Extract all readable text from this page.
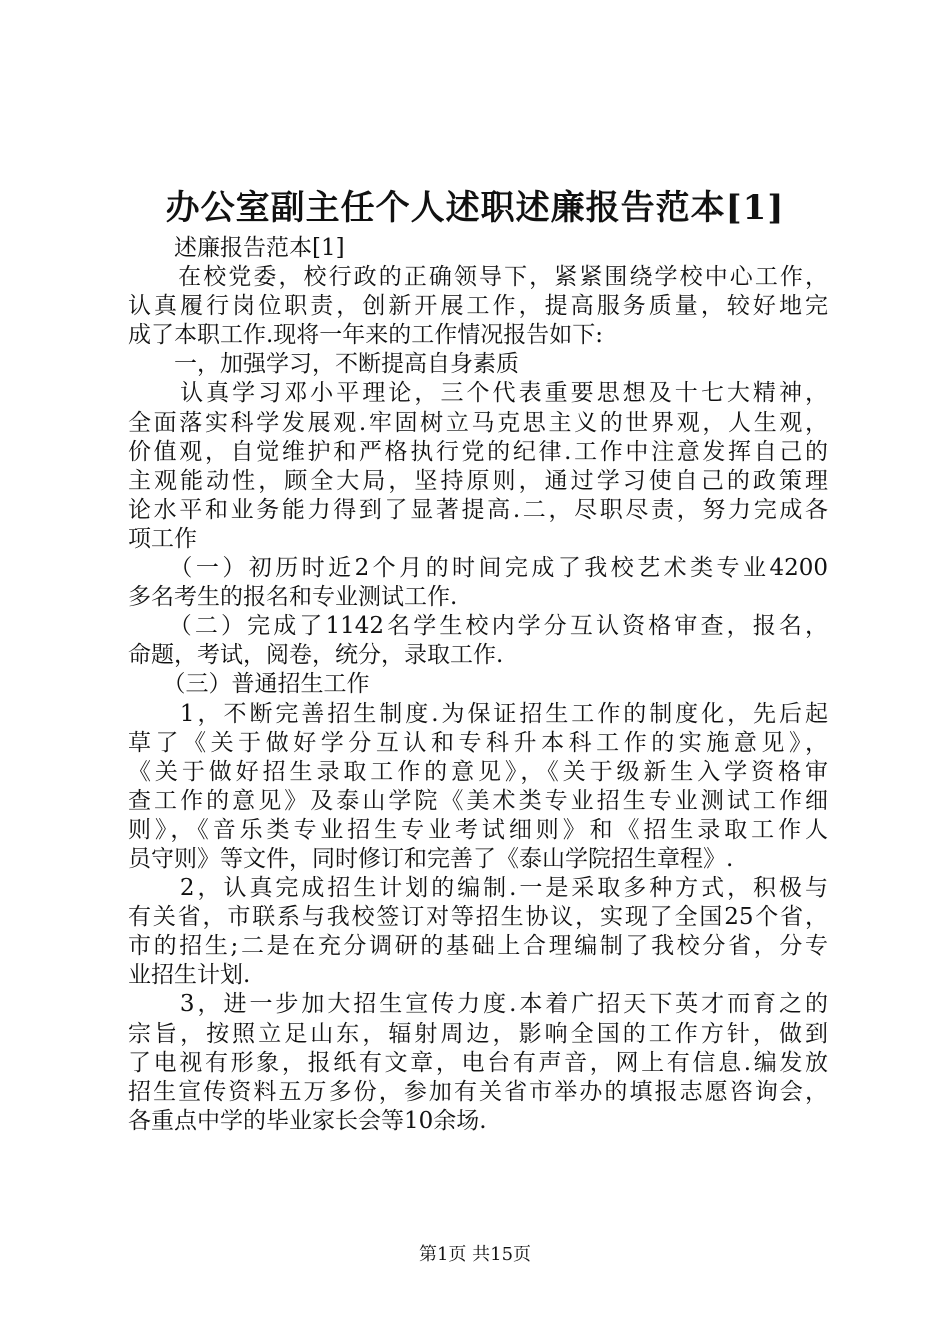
办公室副主任个人述职述廉报告范本[1]

　　述廉报告范本[1]

　　在校党委，校行政的正确领导下，紧紧围绕学校中心工作，

认真履行岗位职责，创新开展工作，提高服务质量，较好地完

成了本职工作.现将一年来的工作情况报告如下:

　　一，加强学习，不断提高自身素质

　　认真学习邓小平理论，三个代表重要思想及十七大精神，

全面落实科学发展观.牢固树立马克思主义的世界观，人生观，

价值观，自觉维护和严格执行党的纪律.工作中注意发挥自己的

主观能动性，顾全大局，坚持原则，通过学习使自己的政策理

论水平和业务能力得到了显著提高.二，尽职尽责，努力完成各

项工作

　　（一）初历时近2个月的时间完成了我校艺术类专业4200

多名考生的报名和专业测试工作.

　　（二）完成了1142名学生校内学分互认资格审查，报名，

命题，考试，阅卷，统分，录取工作.

　　（三）普通招生工作

　　1，不断完善招生制度.为保证招生工作的制度化，先后起

草了《关于做好学分互认和专科升本科工作的实施意见》，

《关于做好招生录取工作的意见》，《关于级新生入学资格审

查工作的意见》及泰山学院《美术类专业招生专业测试工作细

则》，《音乐类专业招生专业考试细则》和《招生录取工作人

员守则》等文件，同时修订和完善了《泰山学院招生章程》.

　　2，认真完成招生计划的编制.一是采取多种方式，积极与

有关省，市联系与我校签订对等招生协议，实现了全国25个省，

市的招生;二是在充分调研的基础上合理编制了我校分省，分专

业招生计划.

　　3，进一步加大招生宣传力度.本着广招天下英才而育之的

宗旨，按照立足山东，辐射周边，影响全国的工作方针，做到

了电视有形象，报纸有文章，电台有声音，网上有信息.编发放

招生宣传资料五万多份，参加有关省市举办的填报志愿咨询会，

各重点中学的毕业家长会等10余场.

第1页 共15页
